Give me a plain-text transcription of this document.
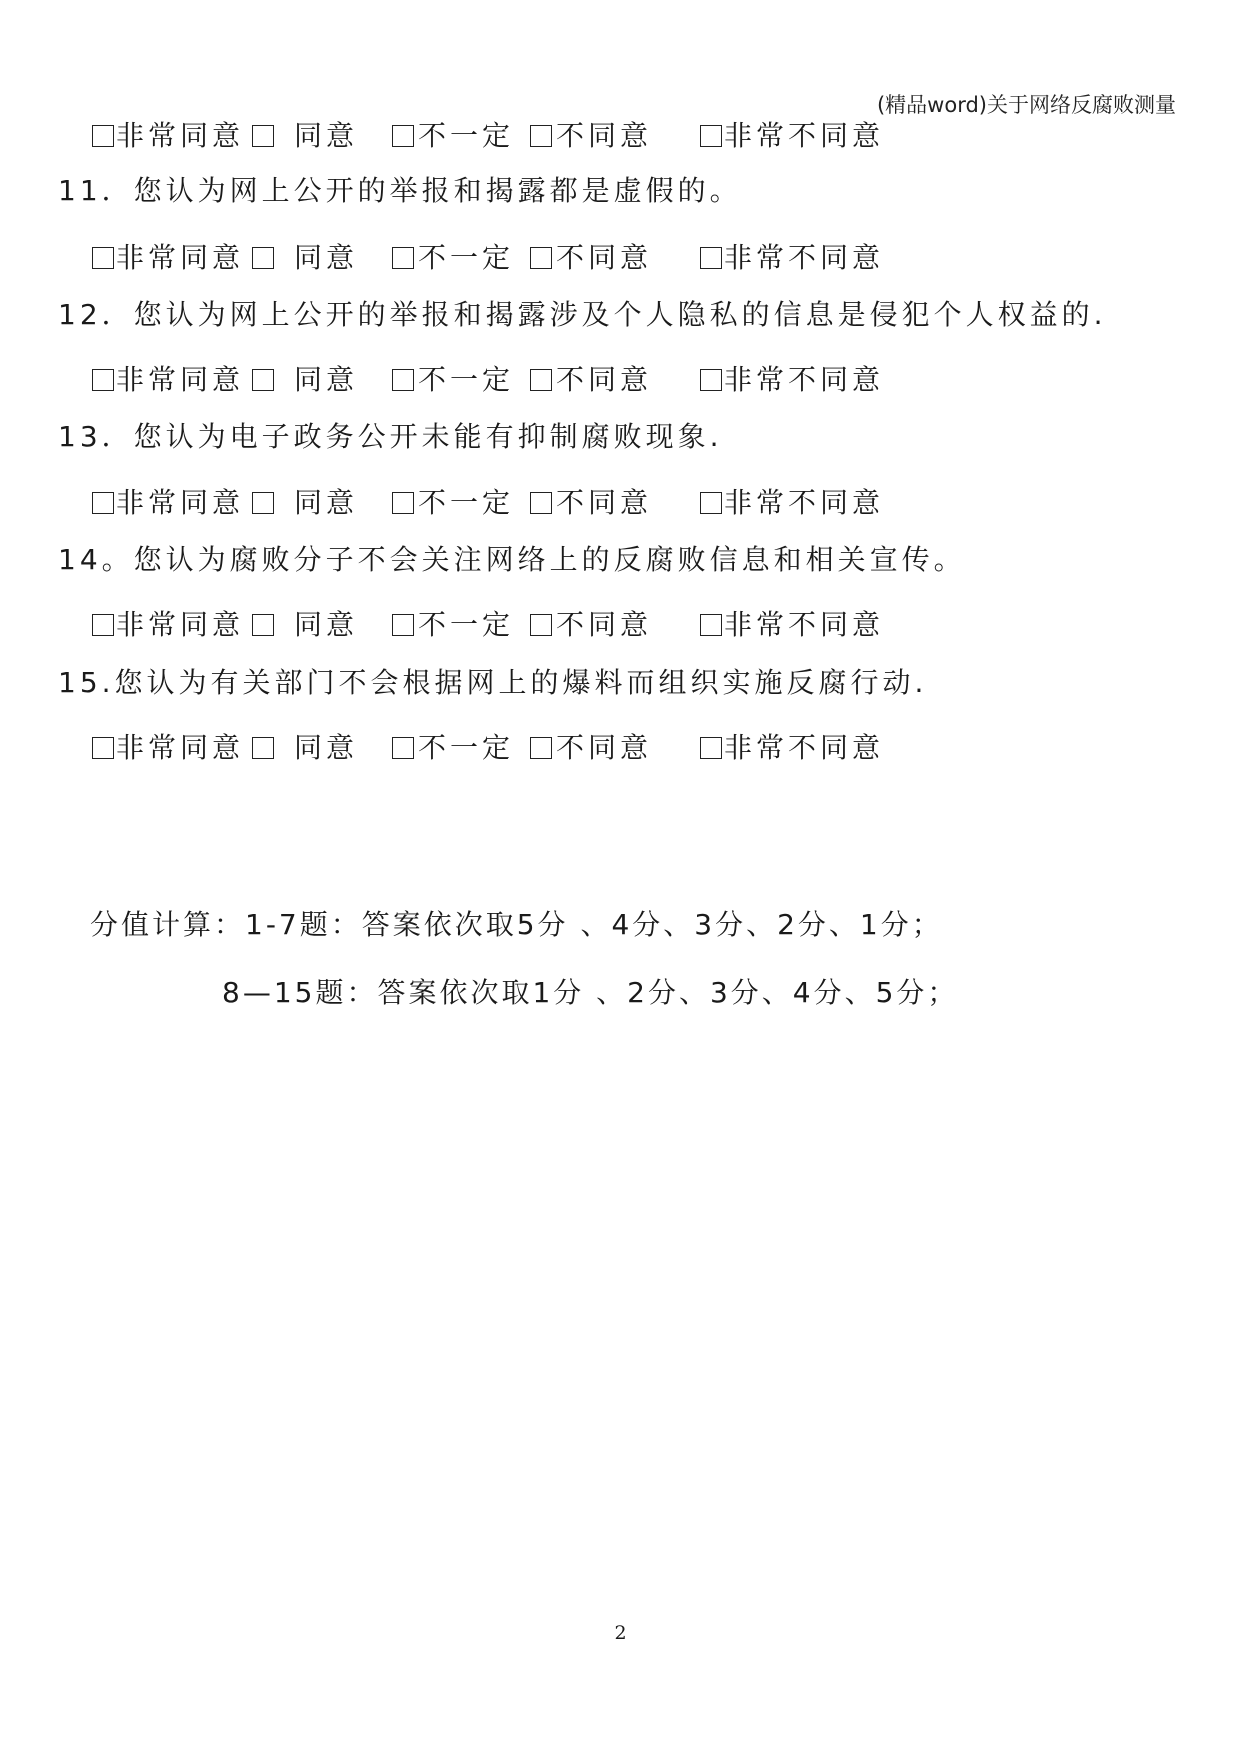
(精品word)关于网络反腐败测量
非常同意 同意 不一定 不同意	非常不同意
11．您认为网上公开的举报和揭露都是虚假的。
非常同意 同意 不一定 不同意	非常不同意
12．您认为网上公开的举报和揭露涉及个人隐私的信息是侵犯个人权益的.
非常同意 同意 不一定 不同意	非常不同意
13．您认为电子政务公开未能有抑制腐败现象.
非常同意 同意 不一定 不同意	非常不同意
14。您认为腐败分子不会关注网络上的反腐败信息和相关宣传。
非常同意 同意 不一定 不同意	非常不同意
15.您认为有关部门不会根据网上的爆料而组织实施反腐行动.
非常同意 同意 不一定 不同意	非常不同意
分值计算：1-7题：答案依次取5分 、4分、3分、2分、1分；
8—15题：答案依次取1分 、2分、3分、4分、5分；
2
